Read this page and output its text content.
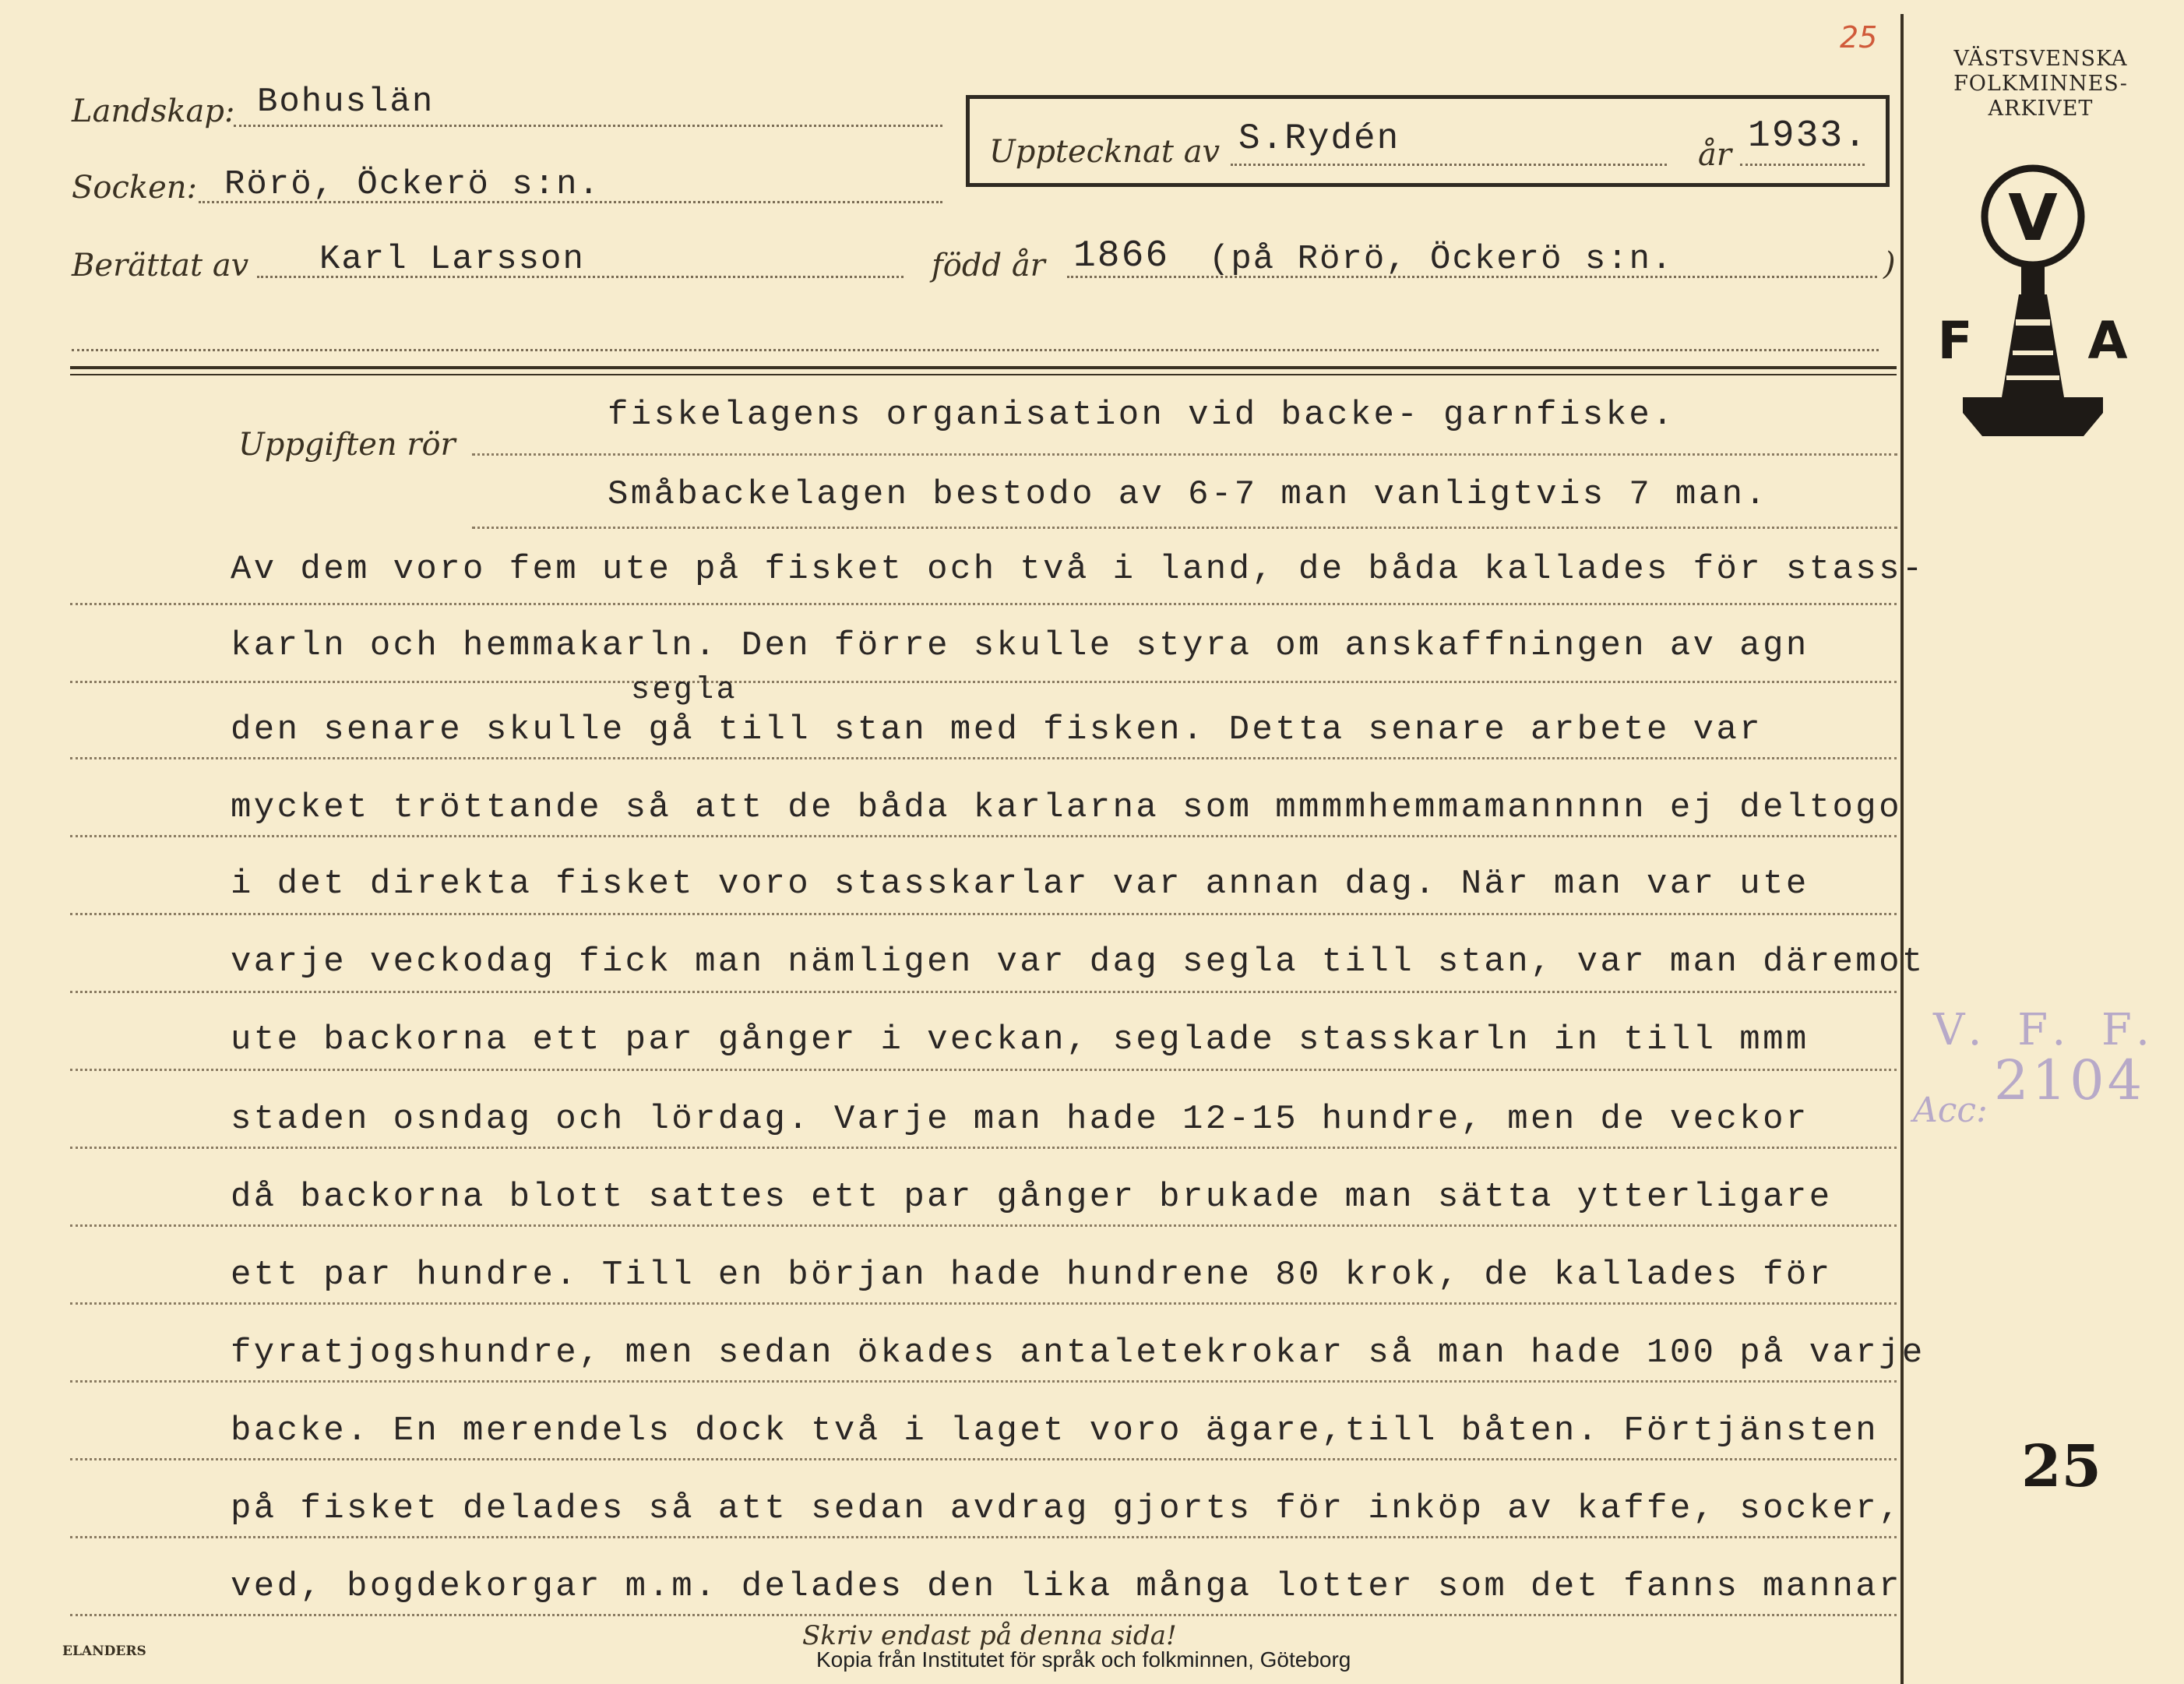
25
Landskap: Bohuslän
Socken: Rörö, Öckerö s:n.
Upptecknat av S.Rydén	år 1933.
Berättat av Karl Larsson	född år 1866 (på Rörö, Öckerö s:n.	)
VÄSTSVENSKA
FOLKMINNES-
ARKIVET
V
F A
Uppgiften rör
fiskelagens organisation vid backe- garnfiske.
Småbackelagen bestodo av 6-7 man vanligtvis 7 man.
Av dem voro fem ute på fisket och två i land, de båda kallades för stass-
karln och hemmakarln. Den förre skulle styra om anskaffningen av agn
segla
den senare skulle gå till stan med fisken. Detta senare arbete var
mycket tröttande så att de båda karlarna som mmmmhemmamannnnn ej deltogo
i det direkta fisket voro stasskarlar var annan dag. När man var ute
varje veckodag fick man nämligen var dag segla till stan, var man däremot
ute backorna ett par gånger i veckan, seglade stasskarln in till mmm
staden osndag och lördag. Varje man hade 12-15 hundre, men de veckor
då backorna blott sattes ett par gånger brukade man sätta ytterligare
ett par hundre. Till en början hade hundrene 80 krok, de kallades för
fyratjogshundre, men sedan ökades antaletekrokar så man hade 100 på varje
backe. En merendels dock två i laget voro ägare,till båten. Förtjänsten
på fisket delades så att sedan avdrag gjorts för inköp av kaffe, socker,
ved, bogdekorgar m.m. delades den lika många lotter som det fanns mannar
V. F. F.
Acc: 2104
25
ELANDERS	Skriv endast på denna sida!
Kopia från Institutet för språk och folkminnen, Göteborg
